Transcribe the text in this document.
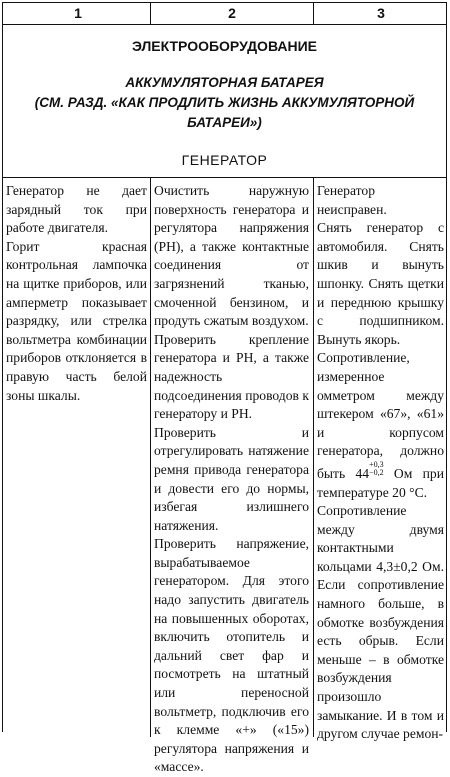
1	2	3
ЭЛЕКТРООБОРУДОВАНИЕ
АККУМУЛЯТОРНАЯ БАТАРЕЯ
(СМ. РАЗД. «КАК ПРОДЛИТЬ ЖИЗНЬ АККУМУЛЯТОРНОЙ
БАТАРЕИ»)
ГЕНЕРАТОР

Генератор не дает зарядный ток при работе двигателя.

Горит красная контрольная лампочка на щитке приборов, или амперметр показывает разрядку, или стрелка вольтметра комбинации приборов отклоняется в правую часть белой зоны шкалы.

Очистить наружную поверхность генератора и регулятора напряжения (РН), а также контактные соединения от загрязнений тканью, смоченной бензином, и продуть сжатым воздухом.

Проверить крепление генератора и РН, а также надежность подсоединения проводов к генератору и РН.

Проверить и отрегулировать натяжение ремня привода генератора и довести его до нормы, избегая излишнего натяжения.

Проверить напряжение, вырабатываемое генератором. Для этого надо запустить двигатель на повышенных оборотах, включить отопитель и дальний свет фар и посмотреть на штатный или переносной вольтметр, подключив его к клемме «+» («15») регулятора напряжения и «массе».

Генератор неисправен.

Снять генератор с автомобиля. Снять шкив и вынуть шпонку. Снять щетки и переднюю крышку с подшипником. Вынуть якорь.

Сопротивление, измеренное омметром между штекером «67», «61» и корпусом генератора, должно быть $44^{+0,3 -0,2}$ Ом при температуре 20 °С.

Сопротивление между двумя контактными кольцами 4,3±0,2 Ом. Если сопротивление намного больше, в обмотке возбуждения есть обрыв. Если меньше – в обмотке возбуждения произошло замыкание. И в том и другом случае ремон-
